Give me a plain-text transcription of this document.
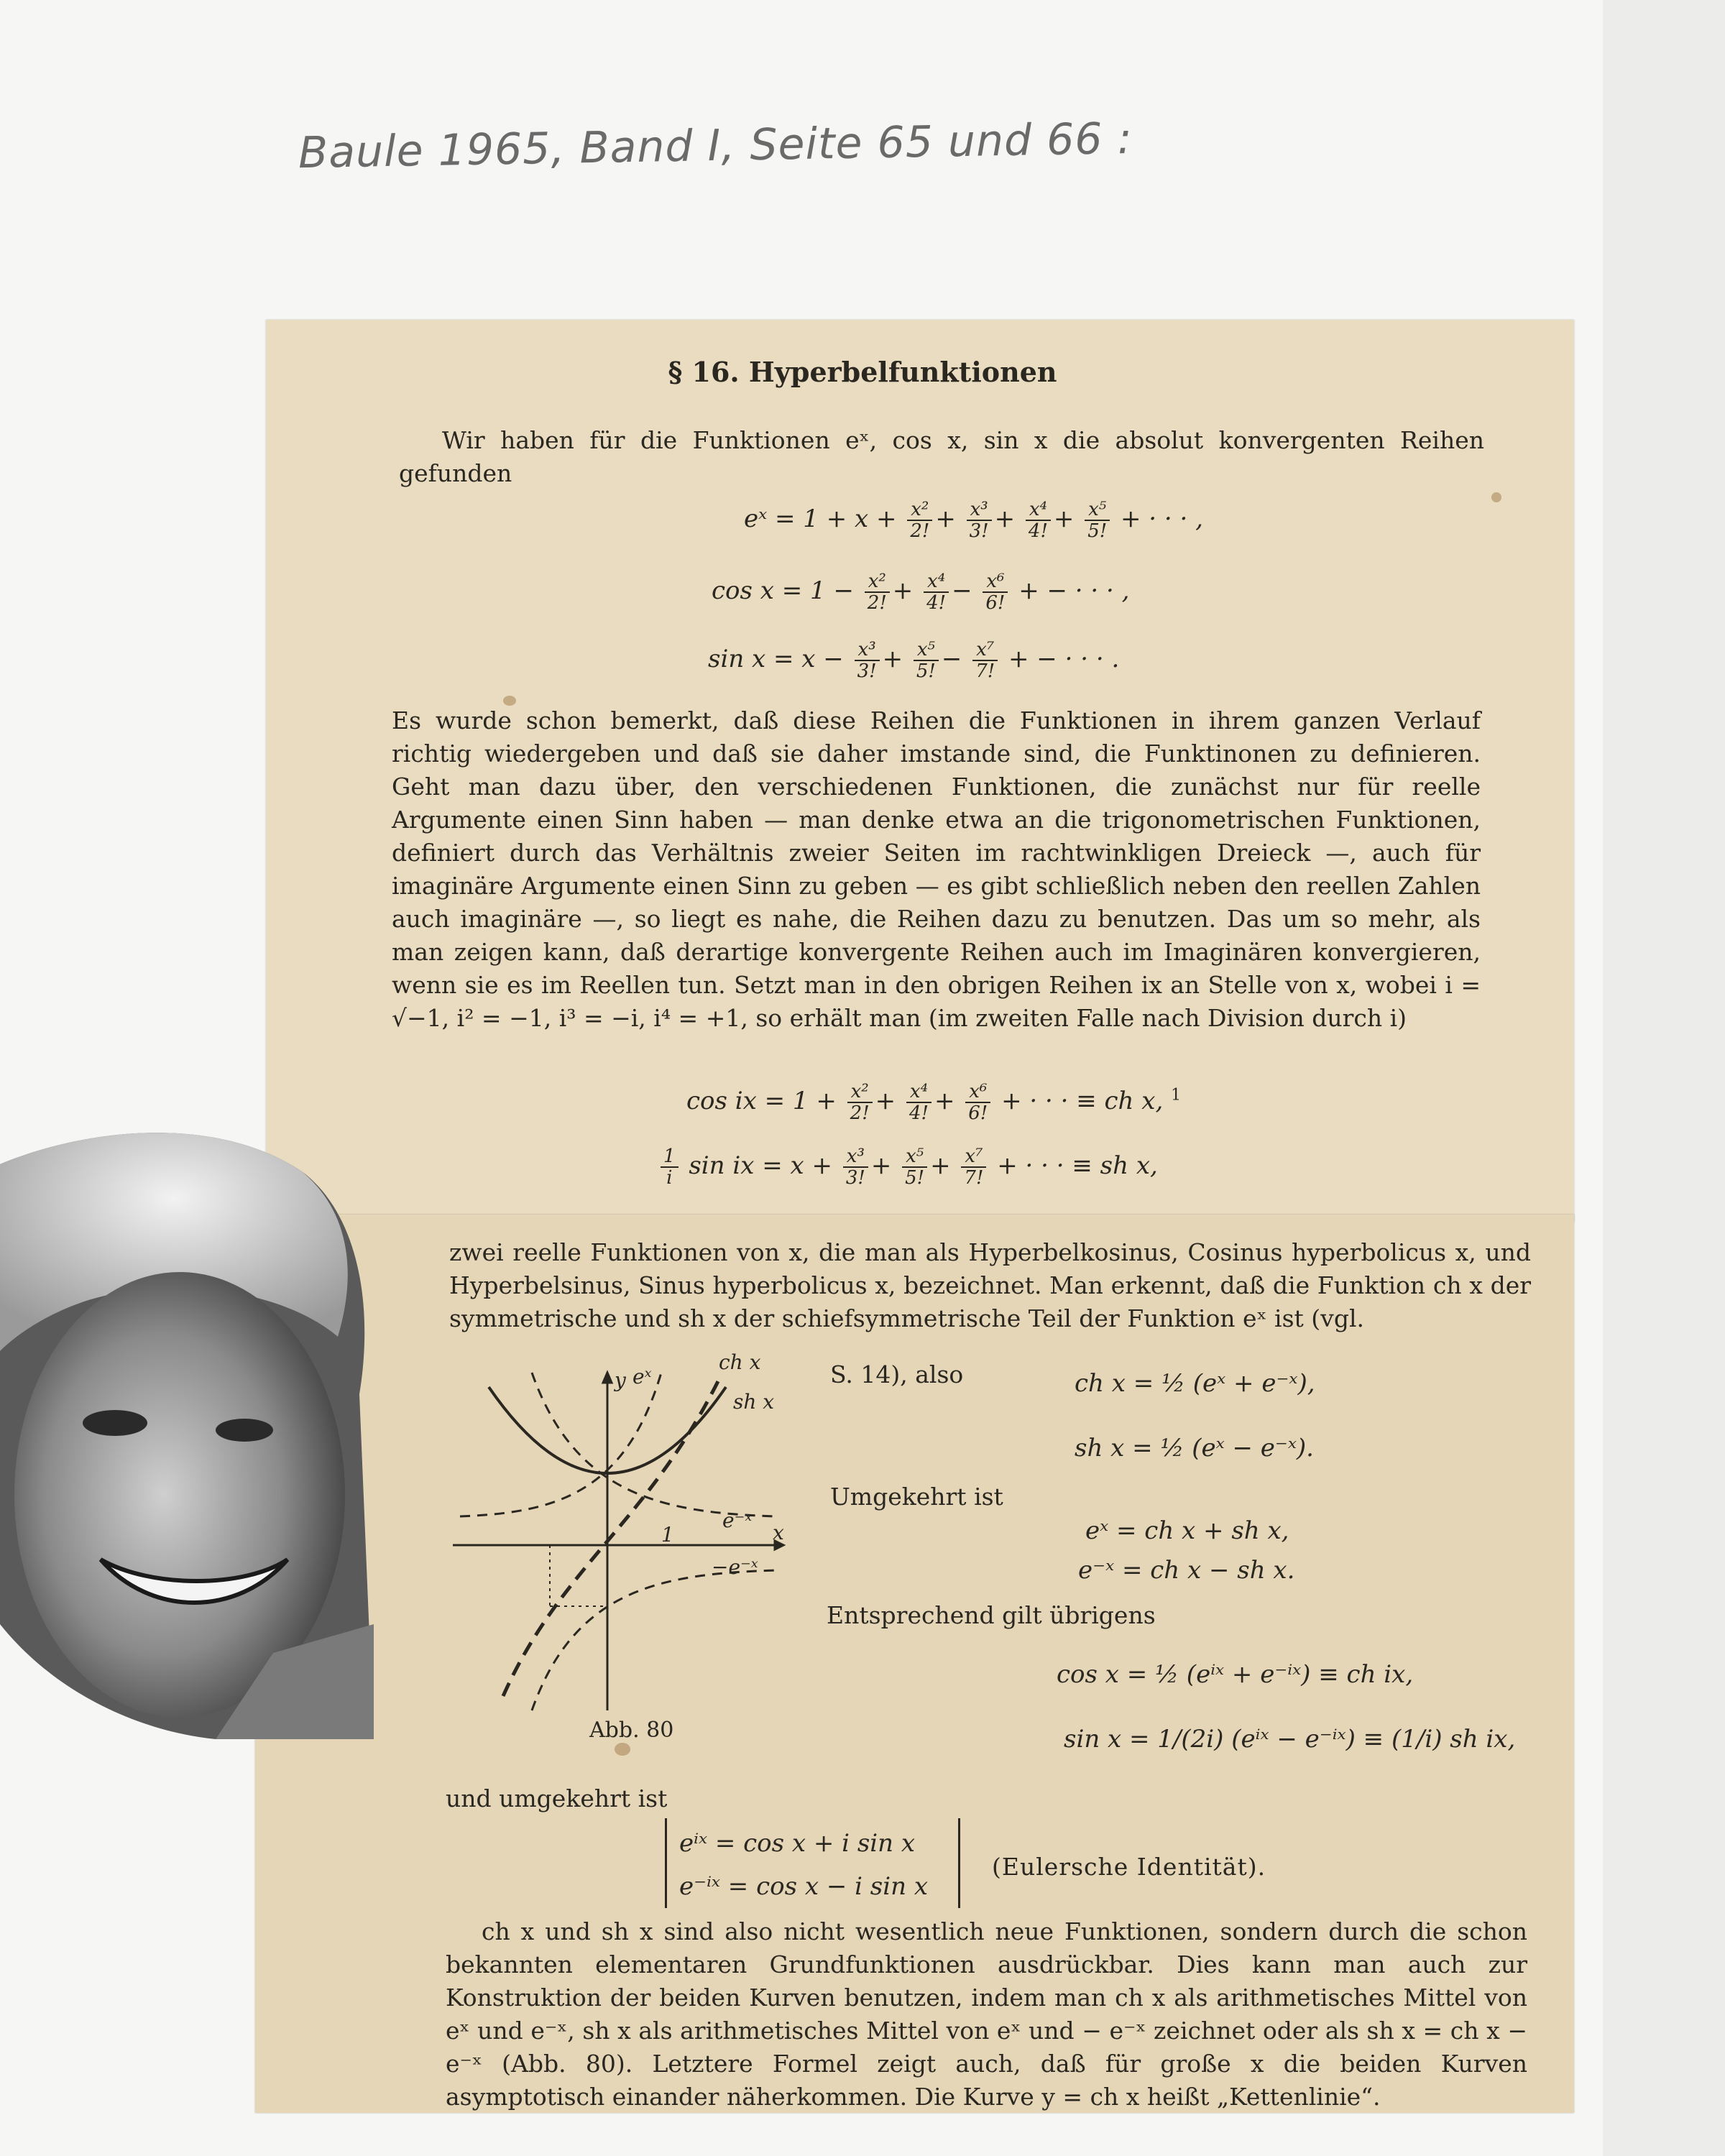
Baule 1965, Band I, Seite 65 und 66 :
§ 16. Hyperbelfunktionen
Wir haben für die Funktionen eˣ, cos x, sin x die absolut konvergenten Reihen gefunden
eˣ = $1 + x + \frac{\text{x²}}{2!} + \frac{\text{x³}}{3!} + \frac{\text{x⁴}}{4!} + \frac{\text{x⁵}}{5!}$ + · · · ,
$\cos x = 1 - \frac{\text{x²}}{2!} + \frac{\text{x⁴}}{4!} - \frac{\text{x⁶}}{6!}$ + − · · · ,
$\sin x = x - \frac{\text{x³}}{3!} + \frac{\text{x⁵}}{5!} - \frac{\text{x⁷}}{7!}$ + − · · · .
Es wurde schon bemerkt, daß diese Reihen die Funktionen in ihrem ganzen Verlauf richtig wiedergeben und daß sie daher imstande sind, die Funktinonen zu definieren. Geht man dazu über, den verschiedenen Funktionen, die zunächst nur für reelle Argumente einen Sinn haben — man denke etwa an die trigonometrischen Funktionen, definiert durch das Verhältnis zweier Seiten im rachtwinkligen Dreieck —, auch für imaginäre Argumente einen Sinn zu geben — es gibt schließlich neben den reellen Zahlen auch imaginäre —, so liegt es nahe, die Reihen dazu zu benutzen. Das um so mehr, als man zeigen kann, daß derartige konvergente Reihen auch im Imaginären konvergieren, wenn sie es im Reellen tun. Setzt man in den obrigen Reihen ix an Stelle von x, wobei i = √−1, i² = −1, i³ = −i, i⁴ = +1, so erhält man (im zweiten Falle nach Division durch i)
cos ix = $1 + \frac{\text{x²}}{2!} + \frac{\text{x⁴}}{4!} + \frac{\text{x⁶}}{6!}$ + · · · ≡ ch x, $^1$
$\frac{1}{i}$ sin ix = $x + \frac{\text{x³}}{3!} + \frac{\text{x⁵}}{5!} + \frac{\text{x⁷}}{7!}$ + · · · ≡ sh x,
zwei reelle Funktionen von x, die man als Hyperbelkosinus, Cosinus hyperbolicus x, und Hyperbelsinus, Sinus hyperbolicus x, bezeichnet. Man erkennt, daß die Funktion ch x der symmetrische und sh x der schiefsymmetrische Teil der Funktion eˣ ist (vgl.
S. 14), also	ch x = ½ (eˣ + e⁻ˣ),
sh x = ½ (eˣ − e⁻ˣ).
Umgekehrt ist
eˣ = ch x + sh x,
e⁻ˣ = ch x − sh x.
Entsprechend gilt übrigens
cos x = ½ (eⁱˣ + e⁻ⁱˣ) ≡ ch ix,
sin x = 1/(2i) (eⁱˣ − e⁻ⁱˣ) ≡ (1/i) sh ix,
und umgekehrt ist
eⁱˣ = cos x + i sin x
e⁻ⁱˣ = cos x − i sin x
(Eulersche Identität).
ch x und sh x sind also nicht wesentlich neue Funktionen, sondern durch die schon bekannten elementaren Grundfunktionen ausdrückbar. Dies kann man auch zur Konstruktion der beiden Kurven benutzen, indem man ch x als arithmetisches Mittel von eˣ und e⁻ˣ, sh x als arithmetisches Mittel von eˣ und − e⁻ˣ zeichnet oder als sh x = ch x − e⁻ˣ (Abb. 80). Letztere Formel zeigt auch, daß für große x die beiden Kurven asymptotisch einander näherkommen. Die Kurve y = ch x heißt „Kettenlinie“.
y eˣ
ch x
sh x
e⁻ˣ
−e⁻ˣ
x
1
Abb. 80
